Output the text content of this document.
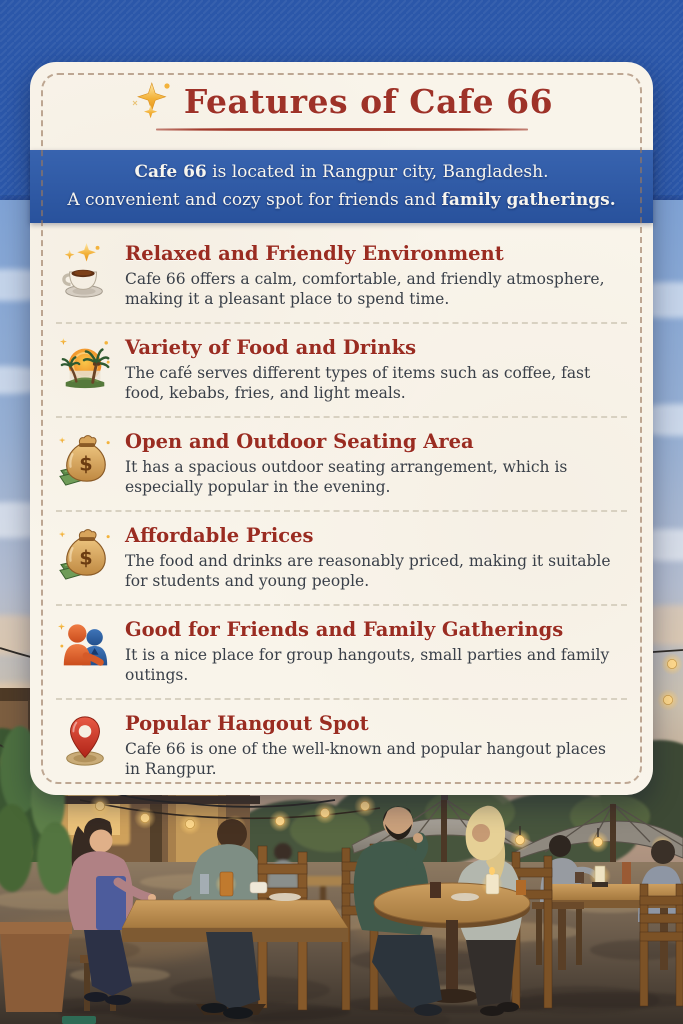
Features of Cafe 66
Cafe 66 is located in Rangpur city, Bangladesh.
A convenient and cozy spot for friends and family gatherings.
Relaxed and Friendly Environment
Cafe 66 offers a calm, comfortable, and friendly atmosphere, making it a pleasant place to spend time.
Variety of Food and Drinks
The café serves different types of items such as coffee, fast food, kebabs, fries, and light meals.
$
Open and Outdoor Seating Area
It has a spacious outdoor seating arrangement, which is especially popular in the evening.
$
Affordable Prices
The food and drinks are reasonably priced, making it suitable for students and young people.
Good for Friends and Family Gatherings
It is a nice place for group hangouts, small parties and family outings.
Popular Hangout Spot
Cafe 66 is one of the well-known and popular hangout places in Rangpur.
